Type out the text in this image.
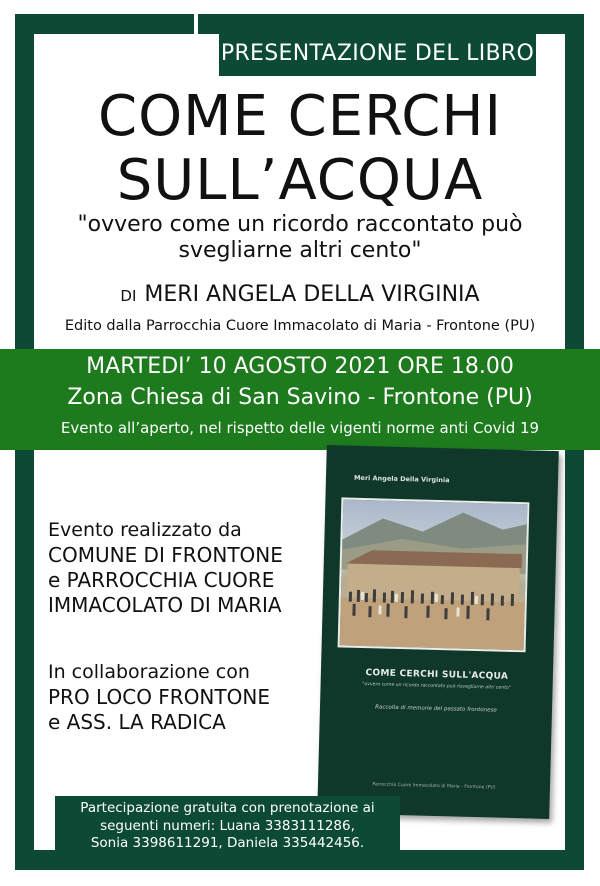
PRESENTAZIONE DEL LIBRO
COME CERCHI
SULL’ACQUA
"ovvero come un ricordo raccontato può
svegliarne altri cento"
DI MERI ANGELA DELLA VIRGINIA
Edito dalla Parrocchia Cuore Immacolato di Maria - Frontone (PU)
MARTEDI’ 10 AGOSTO 2021 ORE 18.00
Zona Chiesa di San Savino - Frontone (PU)
Evento all’aperto, nel rispetto delle vigenti norme anti Covid 19
Evento realizzato da
COMUNE DI FRONTONE
e PARROCCHIA CUORE
IMMACOLATO DI MARIA
In collaborazione con
PRO LOCO FRONTONE
e ASS. LA RADICA
Meri Angela Della Virginia
COME CERCHI SULL'ACQUA
"ovvero come un ricordo raccontato può risvegliarne altri cento"
Raccolta di memorie del passato frontonese
Parrocchia Cuore Immacolato di Maria - Frontone (PU)
Partecipazione gratuita con prenotazione ai
seguenti numeri: Luana 3383111286,
Sonia 3398611291, Daniela 335442456.
